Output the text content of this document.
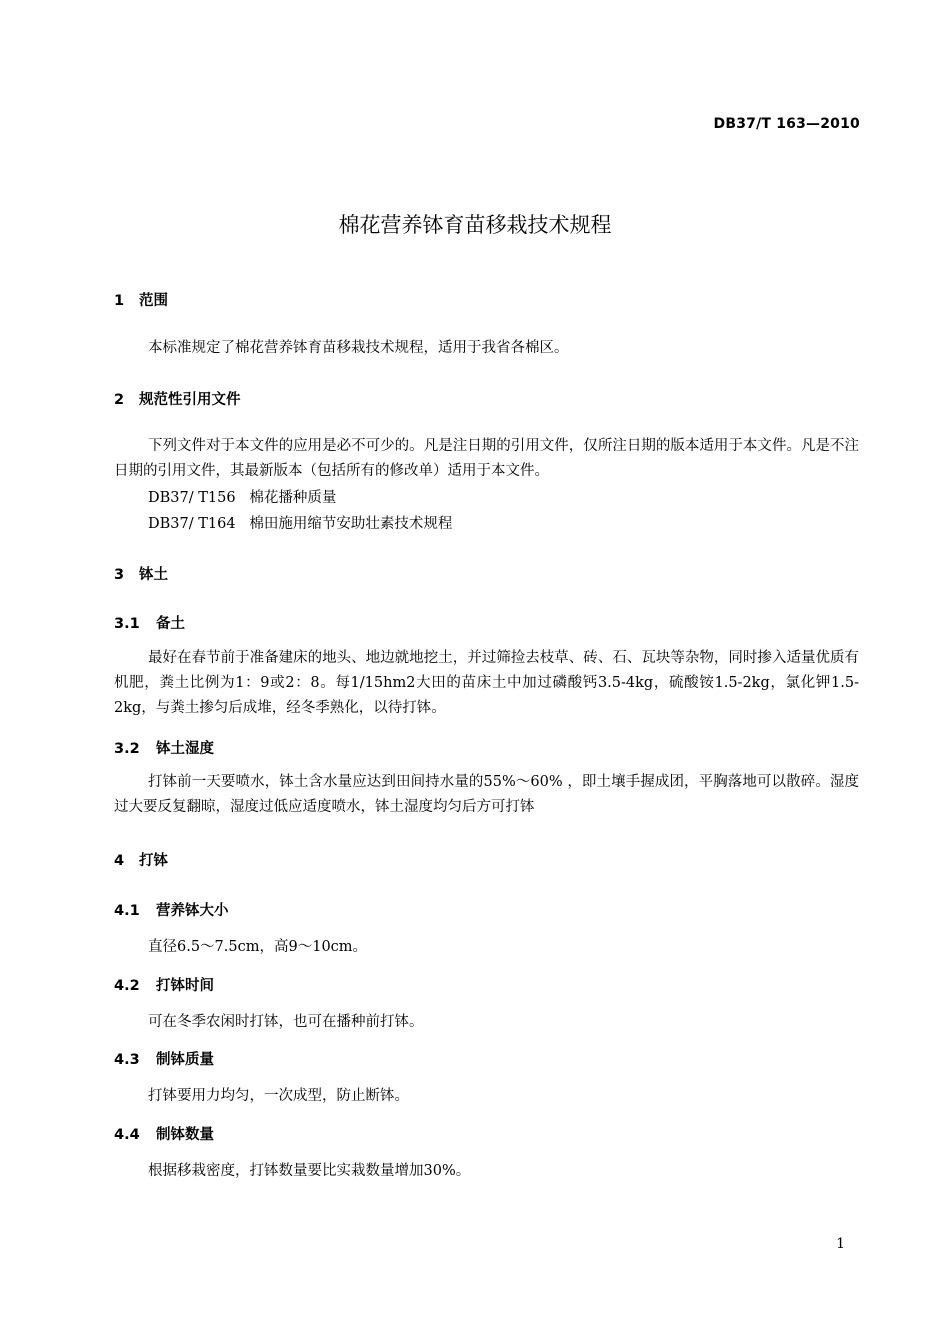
DB37/T 163—2010
棉花营养钵育苗移栽技术规程
1 范围
本标准规定了棉花营养钵育苗移栽技术规程，适用于我省各棉区。
2 规范性引用文件
下列文件对于本文件的应用是必不可少的。凡是注日期的引用文件，仅所注日期的版本适用于本文件。凡是不注日期的引用文件，其最新版本（包括所有的修改单）适用于本文件。
DB37/ T156 棉花播种质量
DB37/ T164 棉田施用缩节安助壮素技术规程
3 钵土
3.1 备土
最好在春节前于准备建床的地头、地边就地挖土，并过筛捡去枝草、砖、石、瓦块等杂物，同时掺入适量优质有机肥，粪土比例为1：9或2：8。每1/15hm2大田的苗床土中加过磷酸钙3.5-4kg，硫酸铵1.5-2kg，氯化钾1.5-2kg，与粪土掺匀后成堆，经冬季熟化，以待打钵。
3.2 钵土湿度
打钵前一天要喷水，钵土含水量应达到田间持水量的55%～60% ，即土壤手握成团，平胸落地可以散碎。湿度过大要反复翻晾，湿度过低应适度喷水，钵土湿度均匀后方可打钵
4 打钵
4.1 营养钵大小
直径6.5～7.5cm，高9～10cm。
4.2 打钵时间
可在冬季农闲时打钵，也可在播种前打钵。
4.3 制钵质量
打钵要用力均匀，一次成型，防止断钵。
4.4 制钵数量
根据移栽密度，打钵数量要比实栽数量增加30%。
1
